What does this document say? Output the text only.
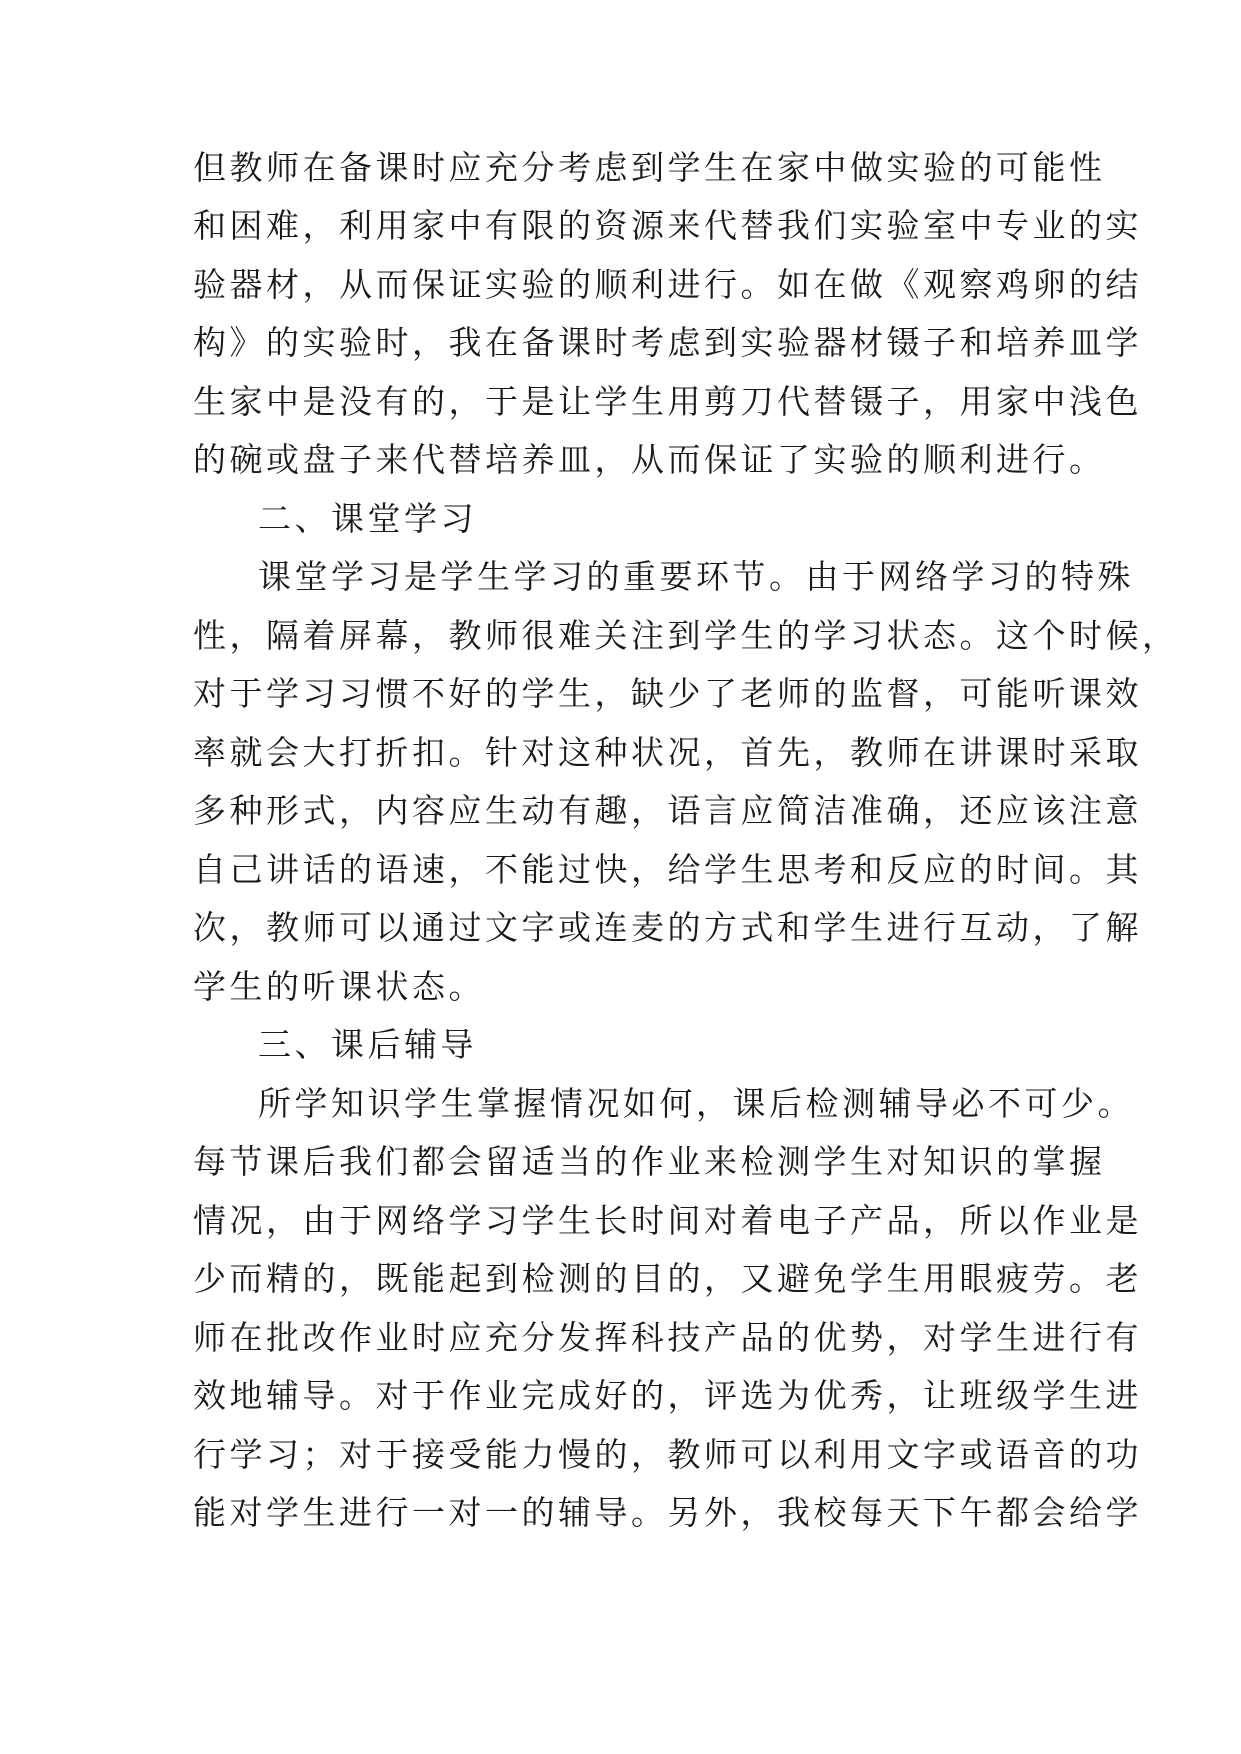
但教师在备课时应充分考虑到学生在家中做实验的可能性
和困难，利用家中有限的资源来代替我们实验室中专业的实
验器材，从而保证实验的顺利进行。如在做《观察鸡卵的结
构》的实验时，我在备课时考虑到实验器材镊子和培养皿学
生家中是没有的，于是让学生用剪刀代替镊子，用家中浅色
的碗或盘子来代替培养皿，从而保证了实验的顺利进行。
二、课堂学习
课堂学习是学生学习的重要环节。由于网络学习的特殊
性，隔着屏幕，教师很难关注到学生的学习状态。这个时候，
对于学习习惯不好的学生，缺少了老师的监督，可能听课效
率就会大打折扣。针对这种状况，首先，教师在讲课时采取
多种形式，内容应生动有趣，语言应简洁准确，还应该注意
自己讲话的语速，不能过快，给学生思考和反应的时间。其
次，教师可以通过文字或连麦的方式和学生进行互动，了解
学生的听课状态。
三、课后辅导
所学知识学生掌握情况如何，课后检测辅导必不可少。
每节课后我们都会留适当的作业来检测学生对知识的掌握
情况，由于网络学习学生长时间对着电子产品，所以作业是
少而精的，既能起到检测的目的，又避免学生用眼疲劳。老
师在批改作业时应充分发挥科技产品的优势，对学生进行有
效地辅导。对于作业完成好的，评选为优秀，让班级学生进
行学习；对于接受能力慢的，教师可以利用文字或语音的功
能对学生进行一对一的辅导。另外，我校每天下午都会给学
